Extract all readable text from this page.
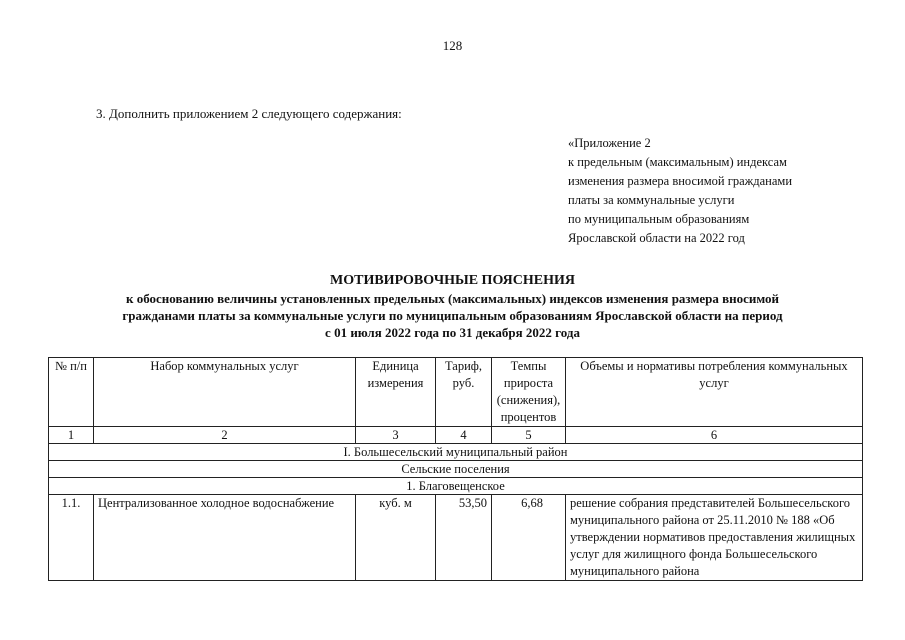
128
3. Дополнить приложением 2 следующего содержания:
«Приложение 2
к предельным (максимальным) индексам
изменения размера вносимой гражданами
платы за коммунальные услуги
по муниципальным образованиям
Ярославской области на 2022 год
МОТИВИРОВОЧНЫЕ ПОЯСНЕНИЯ
к обоснованию величины установленных предельных (максимальных) индексов изменения размера вносимой
гражданами платы за коммунальные услуги по муниципальным образованиям Ярославской области на период
с 01 июля 2022 года по 31 декабря 2022 года
№ п/п	Набор коммунальных услуг	Единица измерения	Тариф, руб.	Темпы прироста (снижения), процентов	Объемы и нормативы потребления коммунальных услуг
1	2	3	4	5	6
I. Большесельский муниципальный район					
Сельские поселения					
1. Благовещенское					
1.1.	Централизованное холодное водоснабжение	куб. м	53,50	6,68	решение собрания представителей Большесельского муниципального района от 25.11.2010 № 188 «Об утверждении нормативов предоставления жилищных услуг для жилищного фонда Большесельского муниципального района
